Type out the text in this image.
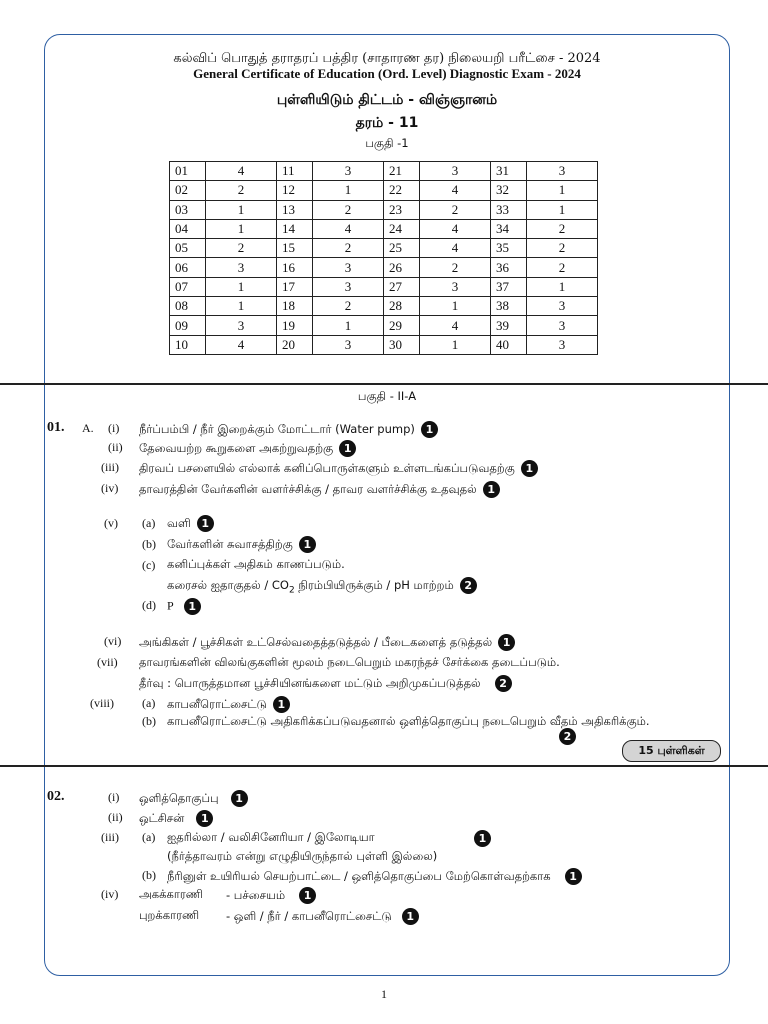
கல்விப் பொதுத் தராதரப் பத்திர (சாதாரண தர) நிலையறி பரீட்சை - 2024
General Certificate of Education (Ord. Level) Diagnostic Exam - 2024
புள்ளியிடும் திட்டம் - விஞ்ஞானம்
தரம் - 11
பகுதி -1
01	4	11	3	21	3	31	3
02	2	12	1	22	4	32	1
03	1	13	2	23	2	33	1
04	1	14	4	24	4	34	2
05	2	15	2	25	4	35	2
06	3	16	3	26	2	36	2
07	1	17	3	27	3	37	1
08	1	18	2	28	1	38	3
09	3	19	1	29	4	39	3
10	4	20	3	30	1	40	3
பகுதி - II-A
01. A. (i) நீர்ப்பம்பி / நீர் இறைக்கும் மோட்டார் (Water pump) 1
(ii) தேவையற்ற கூறுகளை அகற்றுவதற்கு 1
(iii) திரவப் பசளையில் எல்லாக் கனிப்பொருள்களும் உள்ளடங்கப்படுவதற்கு 1
(iv) தாவரத்தின் வேர்களின் வளர்ச்சிக்கு / தாவர வளர்ச்சிக்கு உதவுதல் 1
(v) (a) வளி 1
(b) வேர்களின் சுவாசத்திற்கு 1
(c) கனிப்புக்கள் அதிகம் காணப்படும்.
கரைசல் ஐதாகுதல் / $CO_2$ நிரம்பியிருக்கும் / pH மாற்றம் 2
(d) P 1
(vi) அங்கிகள் / பூச்சிகள் உட்செல்வதைத்தடுத்தல் / பீடைகளைத் தடுத்தல் 1
(vii) தாவரங்களின் விலங்குகளின் மூலம் நடைபெறும் மகரந்தச் சேர்க்கை தடைப்படும்.
தீர்வு : பொருத்தமான பூச்சியினங்களை மட்டும் அறிமுகப்படுத்தல் 2
(viii) (a) காபனீரொட்சைட்டு 1
(b) காபனீரொட்சைட்டு அதிகரிக்கப்படுவதனால் ஒளித்தொகுப்பு நடைபெறும் வீதம் அதிகரிக்கும்.
2
15 புள்ளிகள்
02.	(i) ஒளித்தொகுப்பு 1
(ii) ஒட்சிசன் 1
(iii) (a) ஐதரில்லா / வலிசினேரியா / இலோடியா	1
(நீர்த்தாவரம் என்று எழுதியிருந்தால் புள்ளி இல்லை)
(b) நீரினுள் உயிரியல் செயற்பாட்டை / ஒளித்தொகுப்பை மேற்கொள்வதற்காக 1
(iv) அகக்காரணி - பச்சையம் 1
புறக்காரணி - ஒளி / நீர் / காபனீரொட்சைட்டு 1
1
